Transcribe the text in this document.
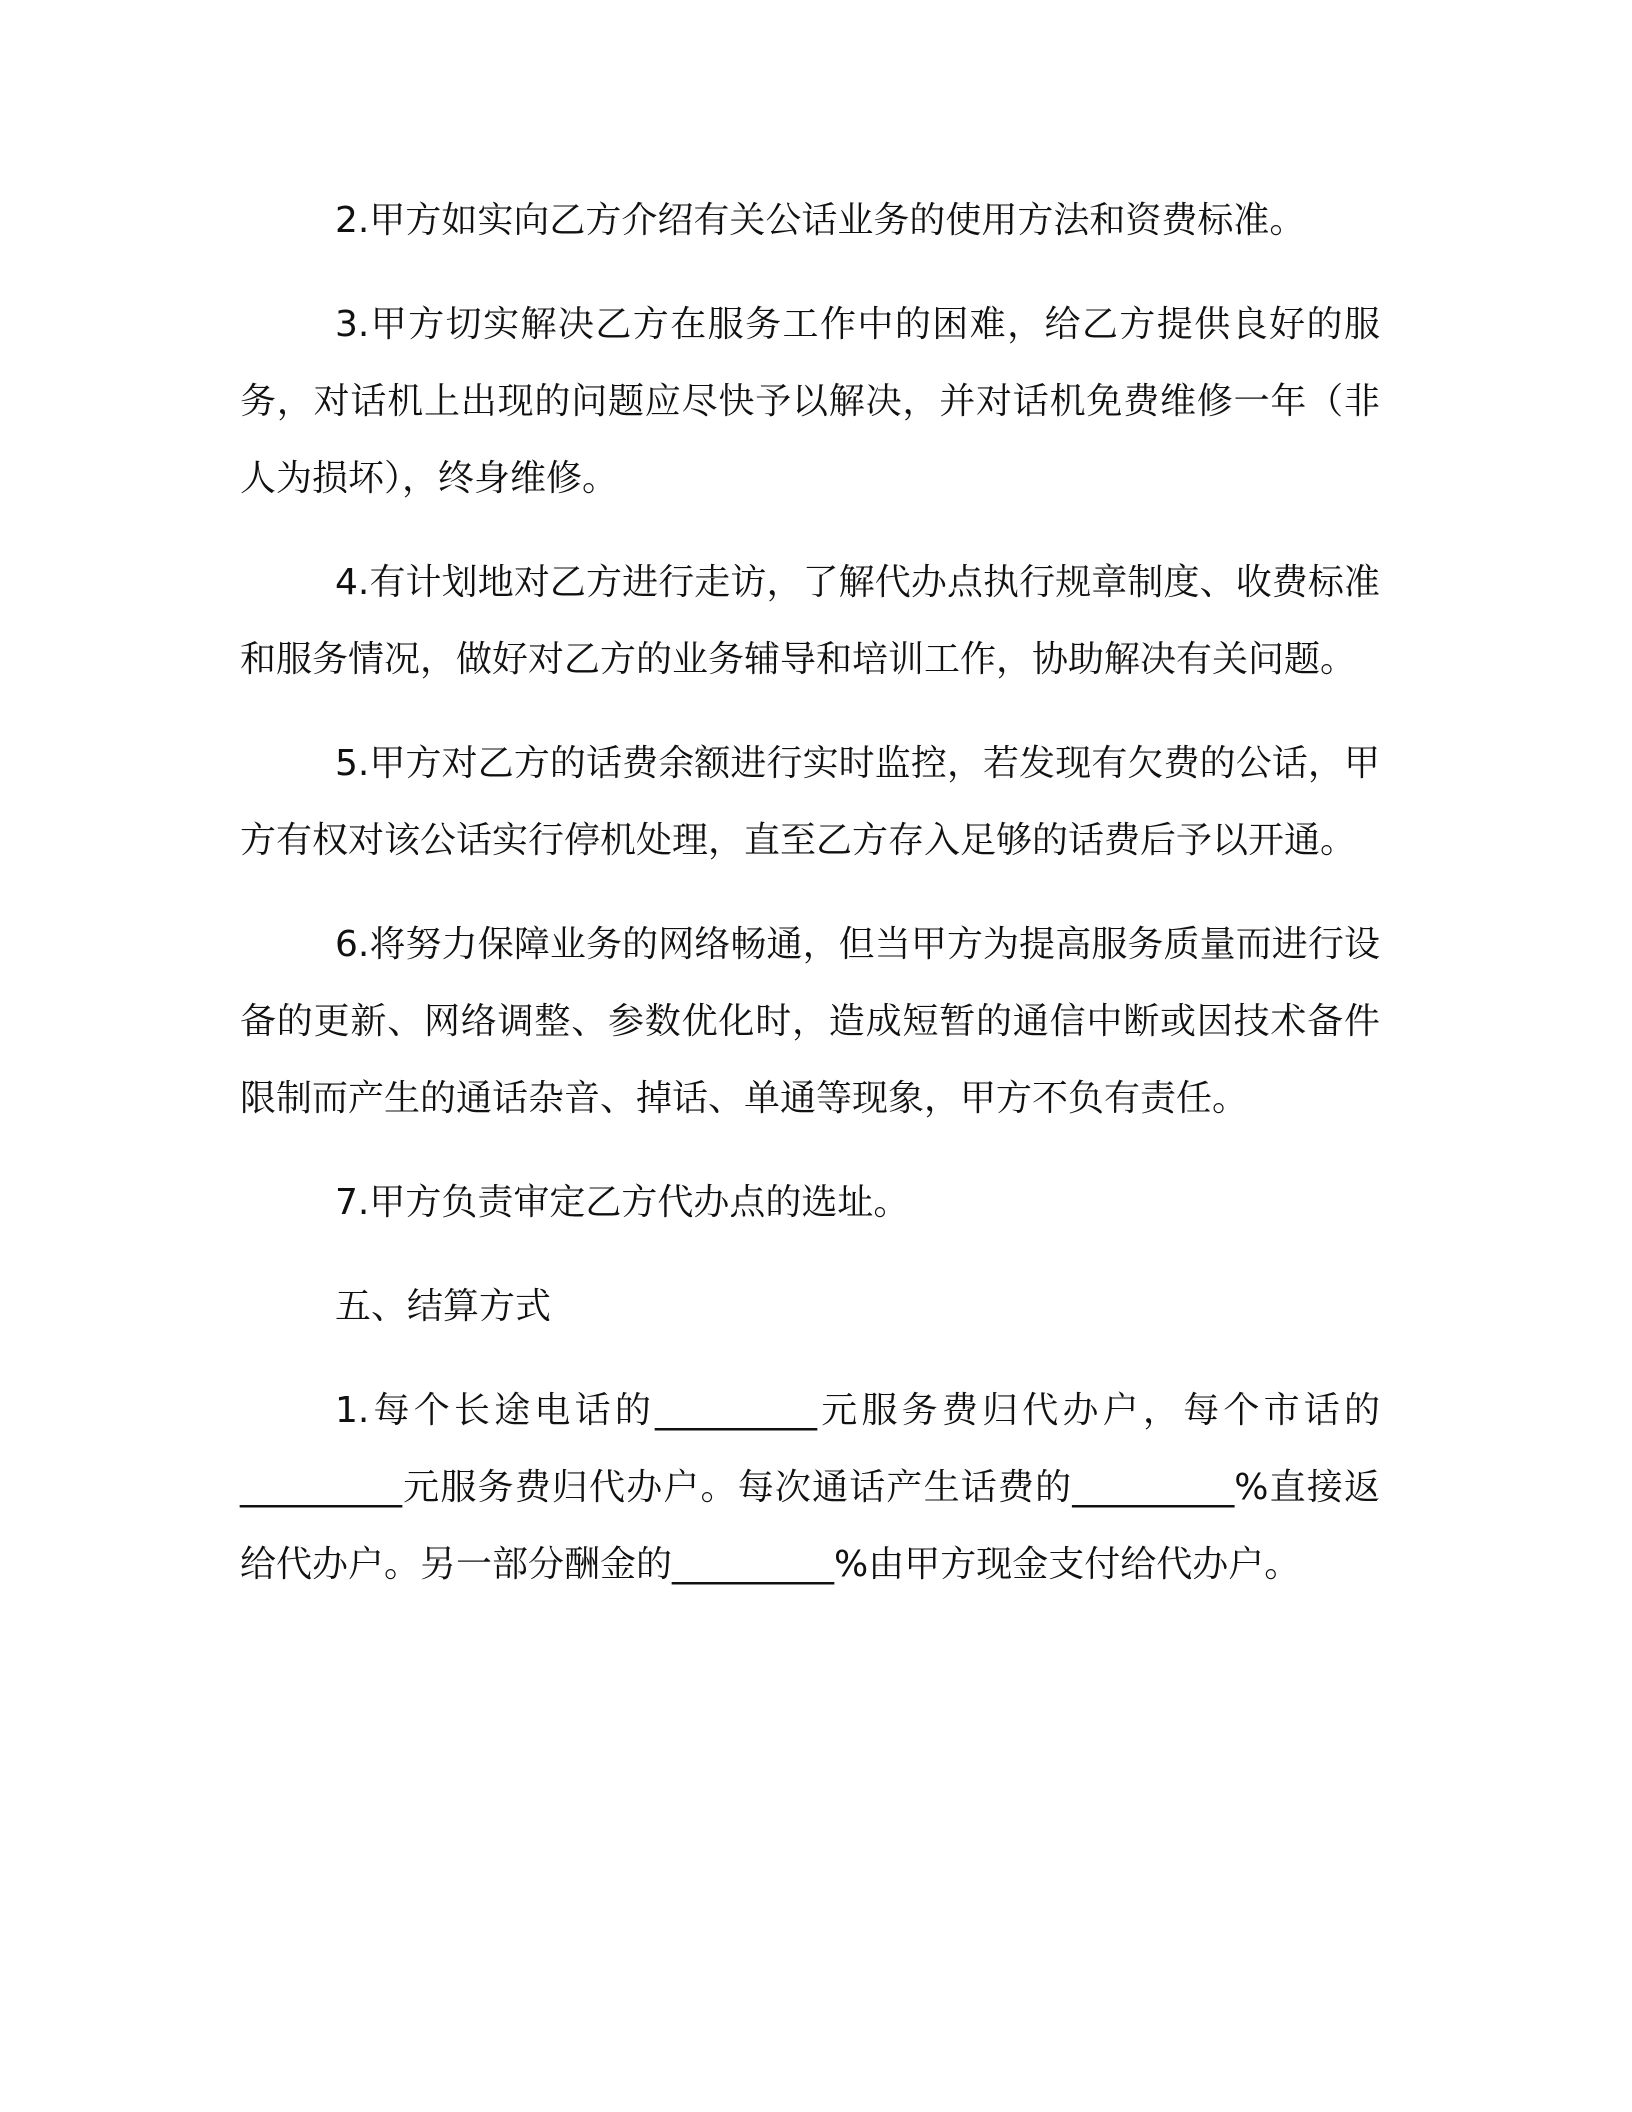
2.甲方如实向乙方介绍有关公话业务的使用方法和资费标准。

3.甲方切实解决乙方在服务工作中的困难，给乙方提供良好的服务，对话机上出现的问题应尽快予以解决，并对话机免费维修一年（非人为损坏），终身维修。

4.有计划地对乙方进行走访，了解代办点执行规章制度、收费标准和服务情况，做好对乙方的业务辅导和培训工作，协助解决有关问题。

5.甲方对乙方的话费余额进行实时监控，若发现有欠费的公话，甲方有权对该公话实行停机处理，直至乙方存入足够的话费后予以开通。

6.将努力保障业务的网络畅通，但当甲方为提高服务质量而进行设备的更新、网络调整、参数优化时，造成短暂的通信中断或因技术备件限制而产生的通话杂音、掉话、单通等现象，甲方不负有责任。

7.甲方负责审定乙方代办点的选址。

五、结算方式

1.每个长途电话的_________元服务费归代办户，每个市话的_________元服务费归代办户。每次通话产生话费的_________%直接返给代办户。另一部分酬金的_________%由甲方现金支付给代办户。
